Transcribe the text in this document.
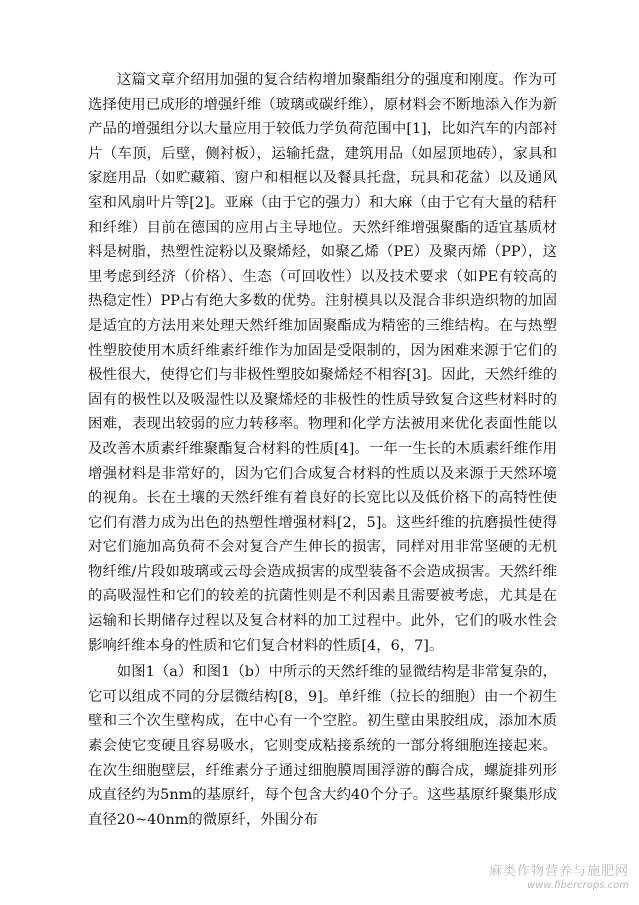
这篇文章介绍用加强的复合结构增加聚酯组分的强度和刚度。作为可选择使用已成形的增强纤维（玻璃或碳纤维），原材料会不断地添入作为新产品的增强组分以大量应用于较低力学负荷范围中[1]，比如汽车的内部衬片（车顶，后壁，侧衬板），运输托盘，建筑用品（如屋顶地砖），家具和家庭用品（如贮藏箱、窗户和相框以及餐具托盘，玩具和花盆）以及通风室和风扇叶片等[2]。亚麻（由于它的强力）和大麻（由于它有大量的秸秆和纤维）目前在德国的应用占主导地位。天然纤维增强聚酯的适宜基质材料是树脂，热塑性淀粉以及聚烯烃，如聚乙烯（PE）及聚丙烯（PP），这里考虑到经济（价格）、生态（可回收性）以及技术要求（如PE有较高的热稳定性）PP占有绝大多数的优势。注射模具以及混合非织造织物的加固是适宜的方法用来处理天然纤维加固聚酯成为精密的三维结构。在与热塑性塑胶使用木质纤维素纤维作为加固是受限制的，因为困难来源于它们的极性很大，使得它们与非极性塑胶如聚烯烃不相容[3]。因此，天然纤维的固有的极性以及吸湿性以及聚烯烃的非极性的性质导致复合这些材料时的困难，表现出较弱的应力转移率。物理和化学方法被用来优化表面性能以及改善木质素纤维聚酯复合材料的性质[4]。一年一生长的木质素纤维作用增强材料是非常好的，因为它们合成复合材料的性质以及来源于天然环境的视角。长在土壤的天然纤维有着良好的长宽比以及低价格下的高特性使它们有潜力成为出色的热塑性增强材料[2，5]。这些纤维的抗磨损性使得对它们施加高负荷不会对复合产生伸长的损害，同样对用非常坚硬的无机物纤维/片段如玻璃或云母会造成损害的成型装备不会造成损害。天然纤维的高吸湿性和它们的较差的抗菌性则是不利因素且需要被考虑，尤其是在运输和长期储存过程以及复合材料的加工过程中。此外，它们的吸水性会影响纤维本身的性质和它们复合材料的性质[4，6，7]。

如图1（a）和图1（b）中所示的天然纤维的显微结构是非常复杂的，它可以组成不同的分层微结构[8，9]。单纤维（拉长的细胞）由一个初生壁和三个次生壁构成，在中心有一个空腔。初生壁由果胶组成，添加木质素会使它变硬且容易吸水，它则变成粘接系统的一部分将细胞连接起来。在次生细胞壁层，纤维素分子通过细胞膜周围浮游的酶合成，螺旋排列形成直径约为5nm的基原纤，每个包含大约40个分子。这些基原纤聚集形成直径20~40nm的微原纤，外围分布

麻类作物营养与施肥网
www.fibercrops.com
